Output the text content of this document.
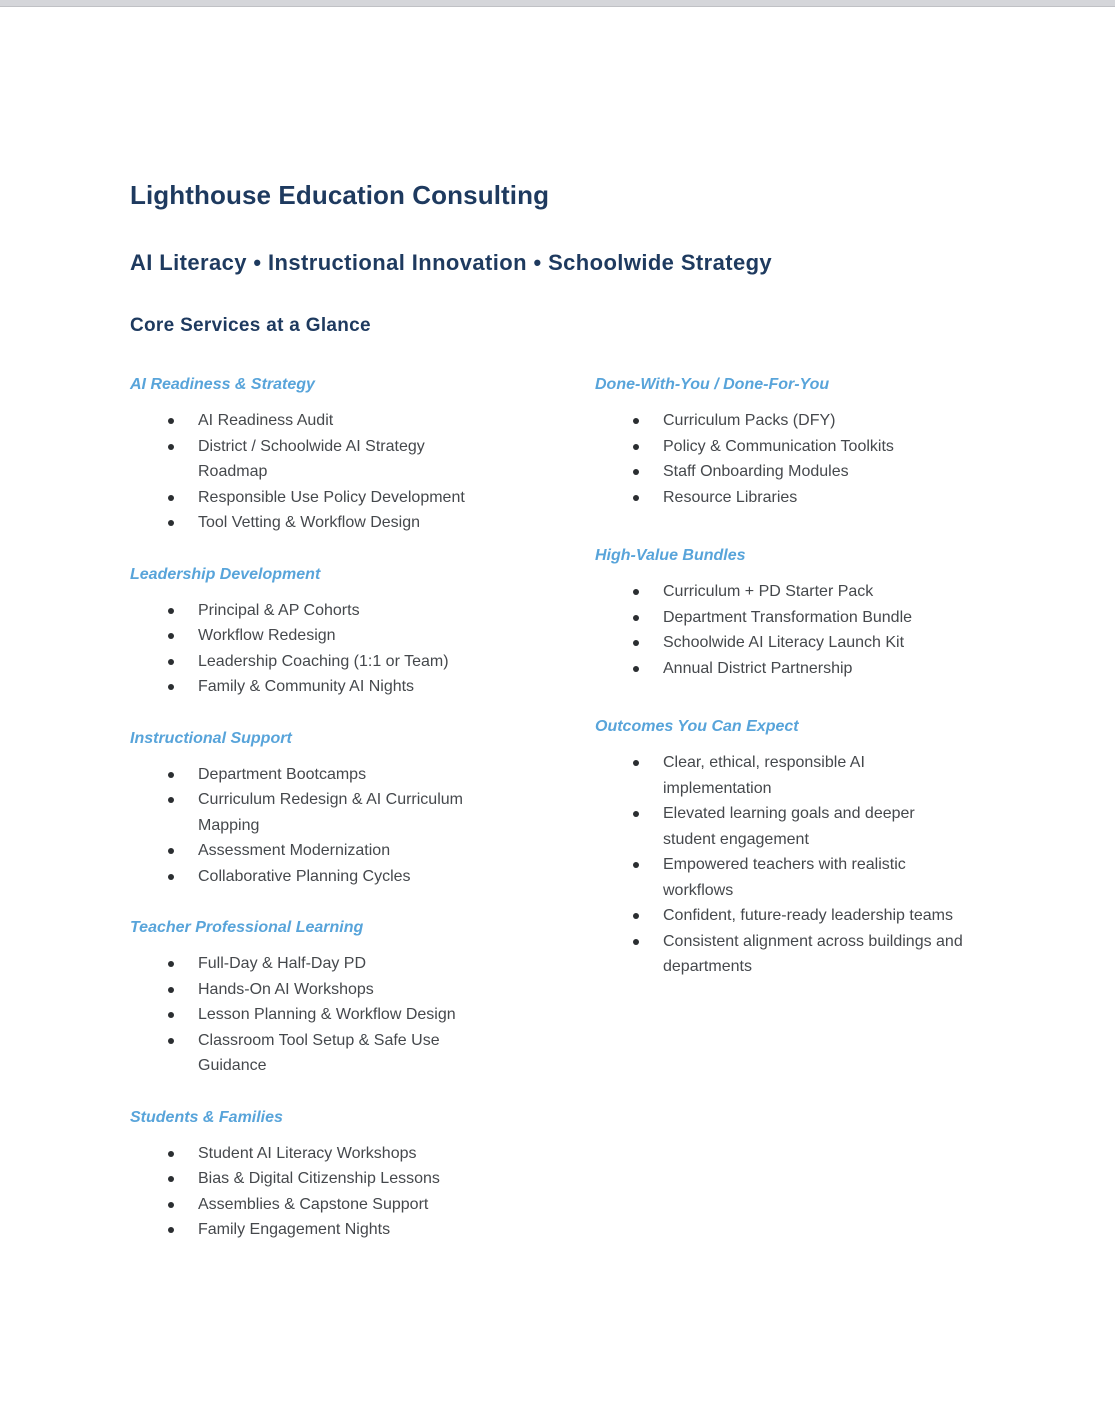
Lighthouse Education Consulting
AI Literacy • Instructional Innovation • Schoolwide Strategy
Core Services at a Glance
AI Readiness & Strategy
AI Readiness Audit
District / Schoolwide AI Strategy Roadmap
Responsible Use Policy Development
Tool Vetting & Workflow Design
Leadership Development
Principal & AP Cohorts
Workflow Redesign
Leadership Coaching (1:1 or Team)
Family & Community AI Nights
Instructional Support
Department Bootcamps
Curriculum Redesign & AI Curriculum Mapping
Assessment Modernization
Collaborative Planning Cycles
Teacher Professional Learning
Full-Day & Half-Day PD
Hands-On AI Workshops
Lesson Planning & Workflow Design
Classroom Tool Setup & Safe Use Guidance
Students & Families
Student AI Literacy Workshops
Bias & Digital Citizenship Lessons
Assemblies & Capstone Support
Family Engagement Nights
Done-With-You / Done-For-You
Curriculum Packs (DFY)
Policy & Communication Toolkits
Staff Onboarding Modules
Resource Libraries
High-Value Bundles
Curriculum + PD Starter Pack
Department Transformation Bundle
Schoolwide AI Literacy Launch Kit
Annual District Partnership
Outcomes You Can Expect
Clear, ethical, responsible AI implementation
Elevated learning goals and deeper student engagement
Empowered teachers with realistic workflows
Confident, future-ready leadership teams
Consistent alignment across buildings and departments
